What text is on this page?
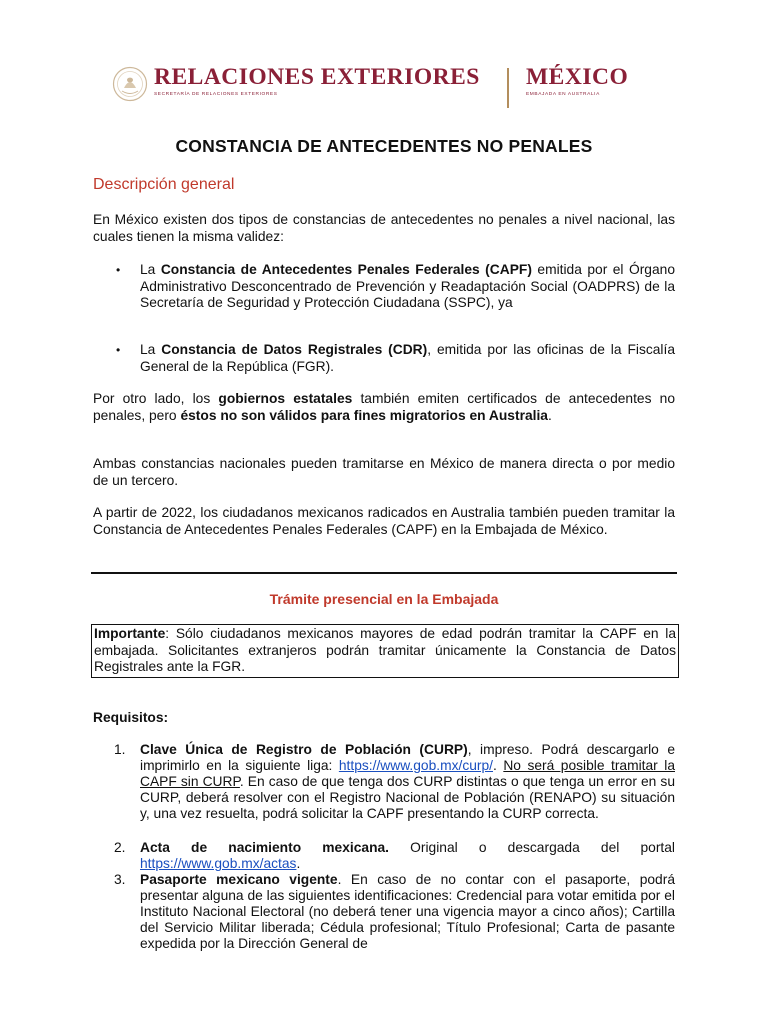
RELACIONES EXTERIORES
SECRETARÍA DE RELACIONES EXTERIORES
MÉXICO
EMBAJADA EN AUSTRALIA
CONSTANCIA DE ANTECEDENTES NO PENALES
Descripción general
En México existen dos tipos de constancias de antecedentes no penales a nivel nacional, las cuales tienen la misma validez:
• La Constancia de Antecedentes Penales Federales (CAPF) emitida por el Órgano Administrativo Desconcentrado de Prevención y Readaptación Social (OADPRS) de la Secretaría de Seguridad y Protección Ciudadana (SSPC), ya
• La Constancia de Datos Registrales (CDR), emitida por las oficinas de la Fiscalía General de la República (FGR).
Por otro lado, los gobiernos estatales también emiten certificados de antecedentes no penales, pero éstos no son válidos para fines migratorios en Australia.
Ambas constancias nacionales pueden tramitarse en México de manera directa o por medio de un tercero.
A partir de 2022, los ciudadanos mexicanos radicados en Australia también pueden tramitar la Constancia de Antecedentes Penales Federales (CAPF) en la Embajada de México.
Trámite presencial en la Embajada
Importante: Sólo ciudadanos mexicanos mayores de edad podrán tramitar la CAPF en la embajada. Solicitantes extranjeros podrán tramitar únicamente la Constancia de Datos Registrales ante la FGR.
Requisitos:
1. Clave Única de Registro de Población (CURP), impreso. Podrá descargarlo e imprimirlo en la siguiente liga: https://www.gob.mx/curp/. No será posible tramitar la CAPF sin CURP. En caso de que tenga dos CURP distintas o que tenga un error en su CURP, deberá resolver con el Registro Nacional de Población (RENAPO) su situación y, una vez resuelta, podrá solicitar la CAPF presentando la CURP correcta.
2. Acta de nacimiento mexicana. Original o descargada del portal https://www.gob.mx/actas.
3. Pasaporte mexicano vigente. En caso de no contar con el pasaporte, podrá presentar alguna de las siguientes identificaciones: Credencial para votar emitida por el Instituto Nacional Electoral (no deberá tener una vigencia mayor a cinco años); Cartilla del Servicio Militar liberada; Cédula profesional; Título Profesional; Carta de pasante expedida por la Dirección General de
